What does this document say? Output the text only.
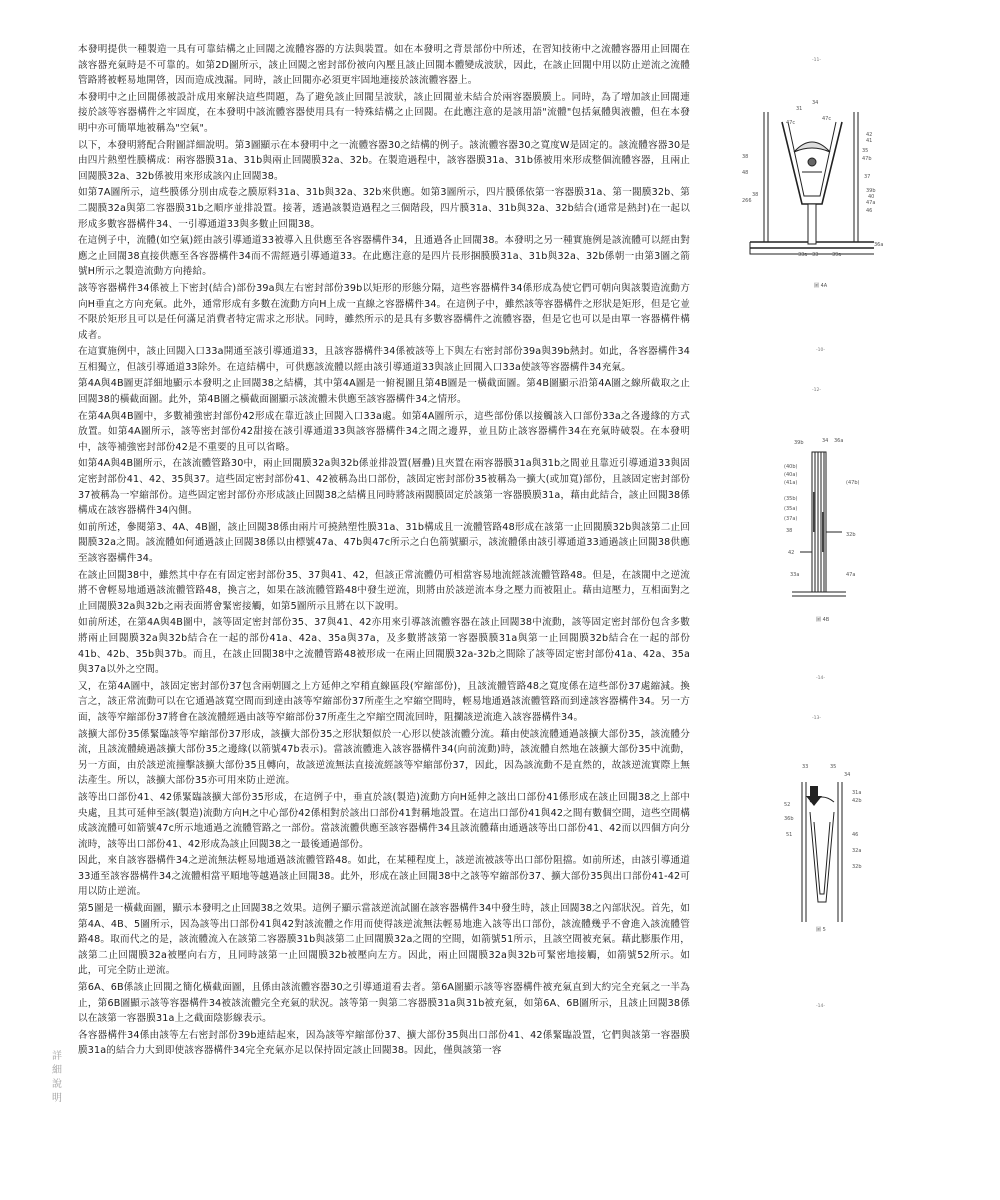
本發明提供一種製造一具有可靠結構之止回閥之流體容器的方法與裝置。如在本發明之背景部份中所述，在習知技術中之流體容器用止回閥在該容器充氣時是不可靠的。如第2D圖所示，該止回閥之密封部份被向內壓且該止回閥本體變成波狀，因此，在該止回閥中用以防止逆流之流體管路將被輕易地開啓，因而造成洩漏。同時，該止回閥亦必須更牢固地連接於該流體容器上。

本發明中之止回閥係被設計成用來解決這些問題，為了避免該止回閥呈波狀，該止回閥並未結合於兩容器膜膜上。同時，為了增加該止回閥連接於該等容器構件之牢固度，在本發明中該流體容器使用具有一特殊結構之止回閥。在此應注意的是該用語"流體"包括氣體與液體，但在本發明中亦可簡單地被稱為"空氣"。

以下，本發明將配合附圖詳細說明。第3圖顯示在本發明中之一流體容器30之結構的例子。該流體容器30之寬度W是固定的。該流體容器30是由四片熱塑性膜構成：兩容器膜31a、31b與兩止回閥膜32a、32b。在製造過程中，該容器膜31a、31b係被用來形成整個流體容器，且兩止回閥膜32a、32b係被用來形成該內止回閥38。

如第7A圖所示，這些膜係分別由成卷之膜原料31a、31b與32a、32b來供應。如第3圖所示，四片膜係依第一容器膜31a、第一閥膜32b、第二閥膜32a與第二容器膜31b之順序並排設置。接著，透過該製造過程之三個階段，四片膜31a、31b與32a、32b結合(通常是熱封)在一起以形成多數容器構件34、一引導通道33與多數止回閥38。

在這例子中，流體(如空氣)經由該引導通道33被導入且供應至各容器構件34，且通過各止回閥38。本發明之另一種實施例是該流體可以經由對應之止回閥38直接供應至各容器構件34而不需經過引導通道33。在此應注意的是四片長形捆膜膜31a、31b與32a、32b係朝一由第3圖之箭號H所示之製造流動方向捲給。

該等容器構件34係被上下密封(結合)部份39a與左右密封部份39b以矩形的形態分隔，這些容器構件34係形成為使它們可朝向與該製造流動方向H垂直之方向充氣。此外，通常形成有多數在流動方向H上成一直線之容器構件34。在這例子中，雖然該等容器構件之形狀是矩形，但是它並不限於矩形且可以是任何滿足消費者特定需求之形狀。同時，雖然所示的是具有多數容器構件之流體容器，但是它也可以是由單一容器構件構成者。

在這實施例中，該止回閥入口33a開通至該引導通道33，且該容器構件34係被該等上下與左右密封部份39a與39b熱封。如此，各容器構件34互相獨立，但該引導通道33除外。在這結構中，可供應該流體以經由該引導通道33與該止回閥入口33a使該等容器構件34充氣。

第4A與4B圖更詳細地顯示本發明之止回閥38之結構，其中第4A圖是一俯視圖且第4B圖是一橫截面圖。第4B圖顯示沿第4A圖之線所截取之止回閥38的橫截面圖。此外，第4B圖之橫截面圖顯示該流體未供應至該容器構件34之情形。

在第4A與4B圖中，多數補強密封部份42形成在靠近該止回閥入口33a處。如第4A圖所示，這些部份係以接觸該入口部份33a之各邊緣的方式放置。如第4A圖所示，該等密封部份42甜接在該引導通道33與該容器構件34之間之邊界，並且防止該容器構件34在充氣時破裂。在本發明中，該等補強密封部份42是不重要的且可以省略。

如第4A與4B圖所示，在該流體管路30中，兩止回閥膜32a與32b係並排設置(層疊)且夾置在兩容器膜31a與31b之間並且靠近引導通道33與固定密封部份41、42、35與37。這些固定密封部份41、42被稱為出口部份，該固定密封部份35被稱為一擴大(或加寬)部份，且該固定密封部份37被稱為一窄縮部份。這些固定密封部份亦形成該止回閥38之結構且同時將該兩閥膜固定於該第一容器膜膜31a，藉由此結合，該止回閥38係構成在該容器構件34內側。

如前所述，參閱第3、4A、4B圖，該止回閥38係由兩片可撓熱塑性膜31a、31b構成且一流體管路48形成在該第一止回閥膜32b與該第二止回閥膜32a之間。該流體如何通過該止回閥38係以由標號47a、47b與47c所示之白色箭號顯示，該流體係由該引導通道33通過該止回閥38供應至該容器構件34。

在該止回閥38中，雖然其中存在有固定密封部份35、37與41、42，但該正常流體仍可相當容易地流經該流體管路48。但是，在該閥中之逆流將不會輕易地通過該流體管路48，換言之，如果在該流體管路48中發生逆流，則將由於該逆流本身之壓力而被阻止。藉由這壓力，互相面對之止回閥膜32a與32b之兩表面將會緊密接觸，如第5圖所示且將在以下說明。

如前所述，在第4A與4B圖中，該等固定密封部份35、37與41、42亦用來引導該流體容器在該止回閥38中流動，該等固定密封部份包含多數將兩止回閥膜32a與32b結合在一起的部份41a、42a、35a與37a，及多數將該第一容器膜膜31a與第一止回閥膜32b結合在一起的部份41b、42b、35b與37b。而且，在該止回閥38中之流體管路48被形成一在兩止回閥膜32a-32b之間除了該等固定密封部份41a、42a、35a與37a以外之空間。

又，在第4A圖中，該固定密封部份37包含兩朝圓之上方延伸之窄稍直線區段(窄縮部份)，且該流體管路48之寬度係在這些部份37處縮減。換言之，該正常流動可以在它通過該寬空間而到達由該等窄縮部份37所產生之窄縮空間時，輕易地通過該流體管路而到達該容器構件34。另一方面，該等窄縮部份37將會在該流體經過由該等窄縮部份37所產生之窄縮空間流回時，阻攔該逆流進入該容器構件34。

該擴大部份35係緊臨該等窄縮部份37形成，該擴大部份35之形狀類似於一心形以使該流體分流。藉由使該流體通過該擴大部份35，該流體分流，且該流體繞過該擴大部份35之邊緣(以箭號47b表示)。當該流體進入該容器構件34(向前流動)時，該流體自然地在該擴大部份35中流動，另一方面，由於該逆流撞擊該擴大部份35且轉向，故該逆流無法直接流經該等窄縮部份37，因此，因為該流動不是直然的，故該逆流實際上無法產生。所以，該擴大部份35亦可用來防止逆流。

該等出口部份41、42係緊臨該擴大部份35形成，在這例子中，垂直於該(製造)流動方向H延伸之該出口部份41係形成在該止回閥38之上部中央處，且其可延伸至該(製造)流動方向H之中心部份42係相對於該出口部份41對稱地設置。在這出口部份41與42之間有數個空間，這些空間構成該流體可如箭號47c所示地通過之流體管路之一部份。當該流體供應至該容器構件34且該流體藉由通過該等出口部份41、42而以四個方向分流時，該等出口部份41、42形成為該止回閥38之一最後通過部份。

因此，來自該容器構件34之逆流無法輕易地通過該流體管路48。如此，在某種程度上，該逆流被該等出口部份阻擋。如前所述，由該引導通道33通至該容器構件34之流體相當平順地等越過該止回閥38。此外，形成在該止回閥38中之該等窄縮部份37、擴大部份35與出口部份41-42可用以防止逆流。

第5圖是一橫截面圖，顯示本發明之止回閥38之效果。這例子顯示當該逆流試圖在該容器構件34中發生時，該止回閥38之內部狀況。首先，如第4A、4B、5圖所示，因為該等出口部份41與42對該流體之作用而使得該逆流無法輕易地進入該等出口部份，該流體幾乎不會進入該流體管路48。取而代之的是，該流體流入在該第二容器膜31b與該第二止回閥膜32a之間的空間，如箭號51所示，且該空間被充氣。藉此膨脹作用，該第二止回閥膜32a被壓向右方，且同時該第一止回閥膜32b被壓向左方。因此，兩止回閥膜32a與32b可緊密地接觸，如箭號52所示。如此，可完全防止逆流。

第6A、6B係該止回閥之簡化橫截面圖，且係由該流體容器30之引導通道看去者。第6A圖顯示該等容器構件被充氣直到大約完全充氣之一半為止，第6B圖顯示該等容器構件34被該流體完全充氣的狀況。該等第一與第二容器膜31a與31b被充氣，如第6A、6B圖所示，且該止回閥38係以在該第一容器膜31a上之截面陰影線表示。

各容器構件34係由該等左右密封部份39b連結起來，因為該等窄縮部份37、擴大部份35與出口部份41、42係緊臨設置，它們與該第一容器膜膜31a的結合力大到即使該容器構件34完全充氣亦足以保持固定該止回閥38。因此，僅與該第一容

詳
細
說
明
-11-
-10-
-12-
-14-
-13-
-14-
圖 4A
圖 4B
圖 5
34
31
47c
47c
42
41
35
47b
37
39b
40
47a
46
38
33
33a	39a
48
38
36a
266
39b	34 36a
(40b)
(40a)
(41a)	(47b)
(35b)
(35a)
(37a)
38
32b
42
33a	47a
33	35
34
52
36b
31a
42b
46
32a
32b
51
